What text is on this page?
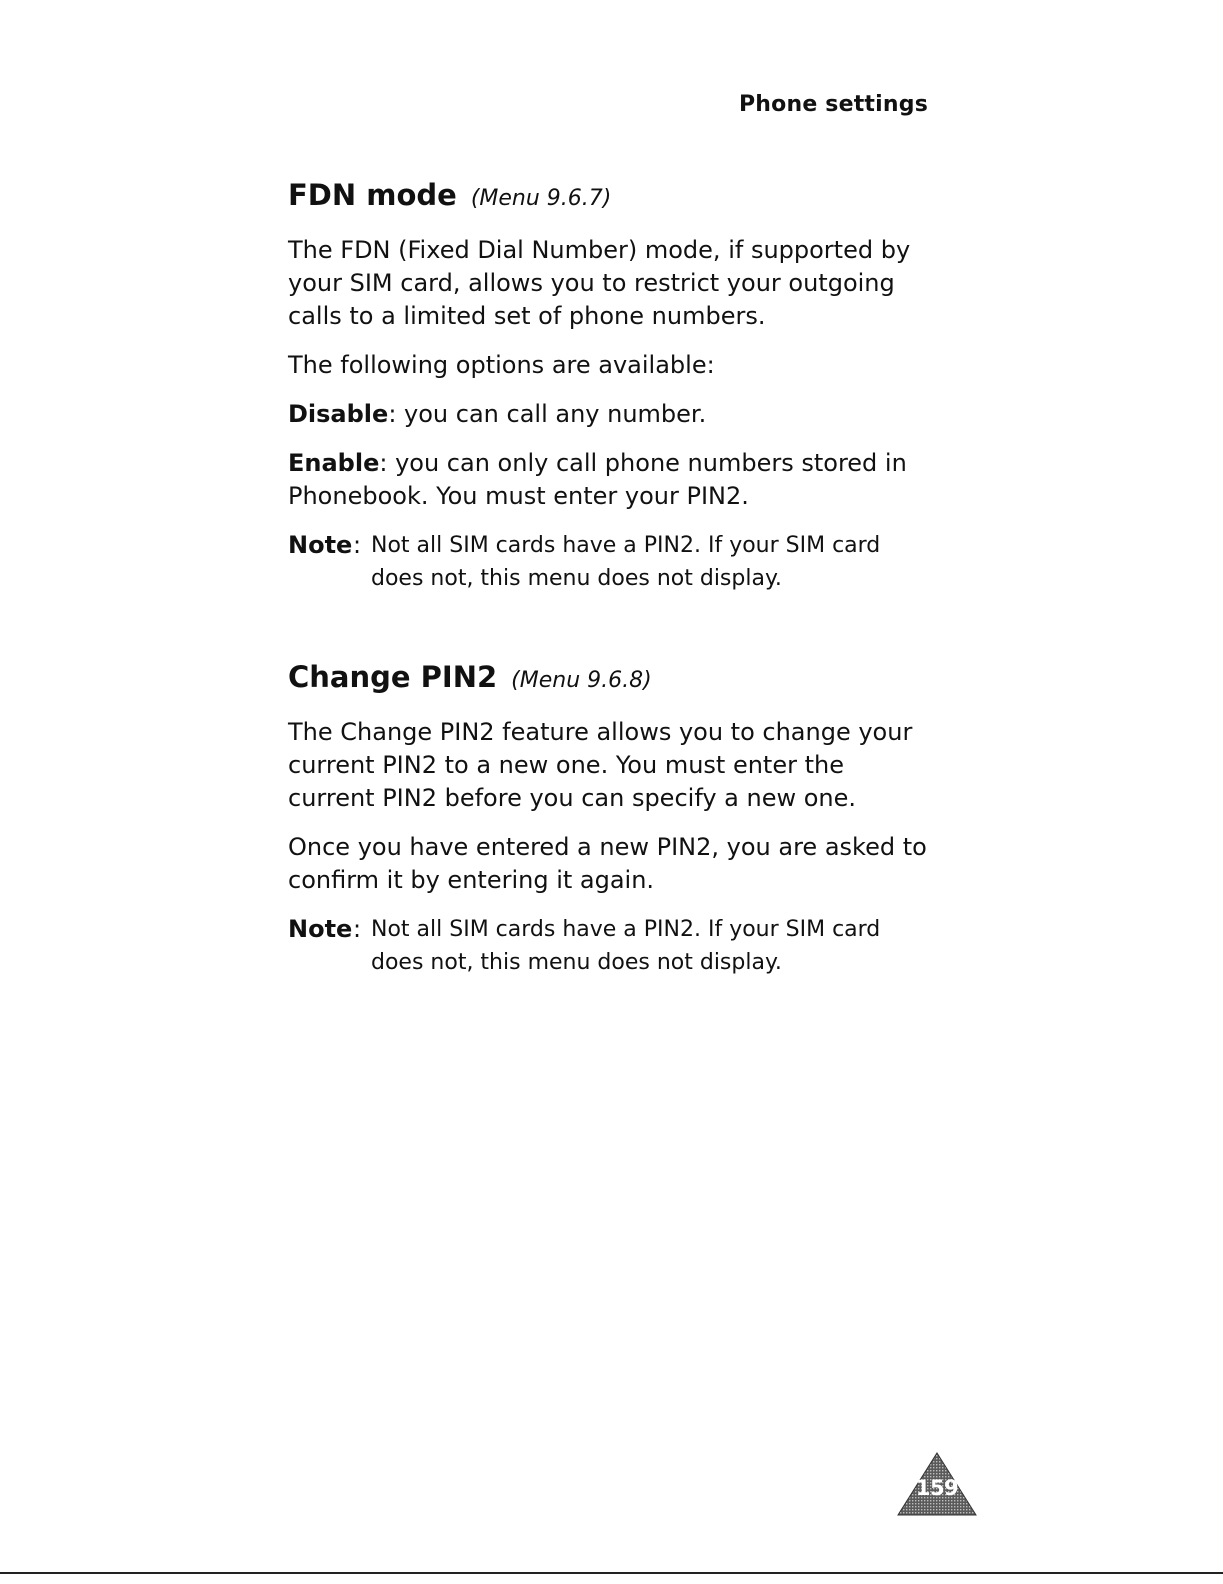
Phone settings
FDN mode (Menu 9.6.7)

The FDN (Fixed Dial Number) mode, if supported by your SIM card, allows you to restrict your outgoing calls to a limited set of phone numbers.

The following options are available:

Disable: you can call any number.

Enable: you can only call phone numbers stored in Phonebook. You must enter your PIN2.

Note : Not all SIM cards have a PIN2. If your SIM card does not, this menu does not display.
Change PIN2 (Menu 9.6.8)

The Change PIN2 feature allows you to change your current PIN2 to a new one. You must enter the current PIN2 before you can specify a new one.

Once you have entered a new PIN2, you are asked to confirm it by entering it again.

Note : Not all SIM cards have a PIN2. If your SIM card does not, this menu does not display.
159
